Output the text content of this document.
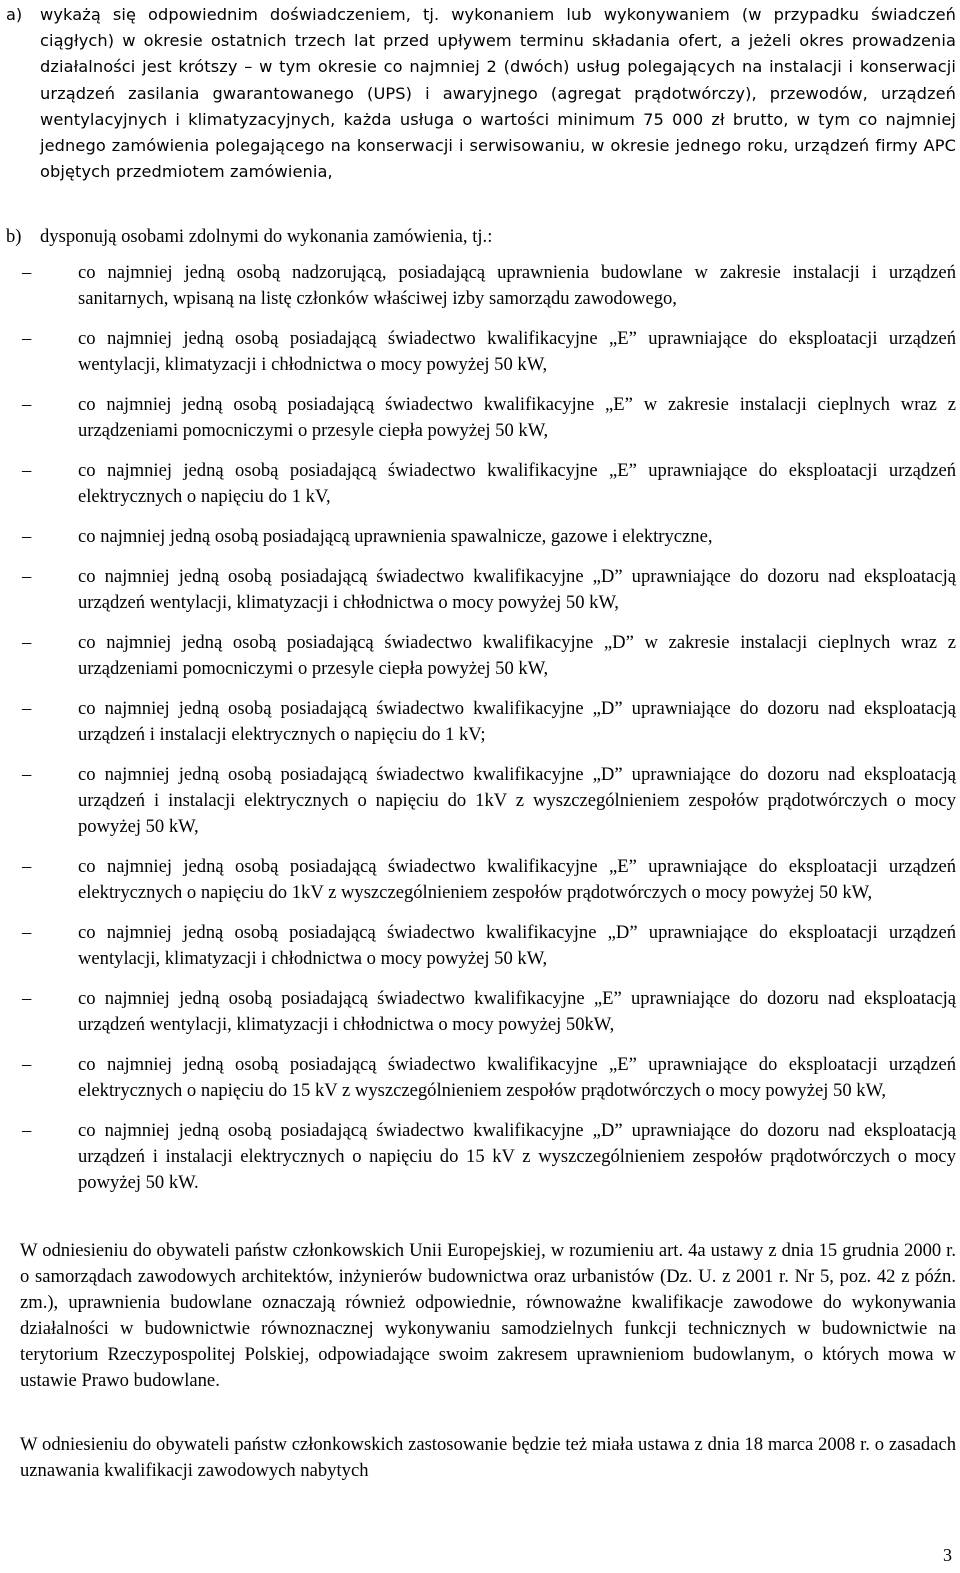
a) wykażą się odpowiednim doświadczeniem, tj. wykonaniem lub wykonywaniem (w przypadku świadczeń ciągłych) w okresie ostatnich trzech lat przed upływem terminu składania ofert, a jeżeli okres prowadzenia działalności jest krótszy – w tym okresie co najmniej 2 (dwóch) usług polegających na instalacji i konserwacji urządzeń zasilania gwarantowanego (UPS) i awaryjnego (agregat prądotwórczy), przewodów, urządzeń wentylacyjnych i klimatyzacyjnych, każda usługa o wartości minimum 75 000 zł brutto, w tym co najmniej jednego zamówienia polegającego na konserwacji i serwisowaniu, w okresie jednego roku, urządzeń firmy APC objętych przedmiotem zamówienia,
b) dysponują osobami zdolnymi do wykonania zamówienia, tj.:
–	co najmniej jedną osobą nadzorującą, posiadającą uprawnienia budowlane w zakresie instalacji i urządzeń sanitarnych, wpisaną na listę członków właściwej izby samorządu zawodowego,
–	co najmniej jedną osobą posiadającą świadectwo kwalifikacyjne „E” uprawniające do eksploatacji urządzeń wentylacji, klimatyzacji i chłodnictwa o mocy powyżej 50 kW,
–	co najmniej jedną osobą posiadającą świadectwo kwalifikacyjne „E” w zakresie instalacji cieplnych wraz z urządzeniami pomocniczymi o przesyle ciepła powyżej 50 kW,
–	co najmniej jedną osobą posiadającą świadectwo kwalifikacyjne „E” uprawniające do eksploatacji urządzeń elektrycznych o napięciu do 1 kV,
–	co najmniej jedną osobą posiadającą uprawnienia spawalnicze, gazowe i elektryczne,
–	co najmniej jedną osobą posiadającą świadectwo kwalifikacyjne „D” uprawniające do dozoru nad eksploatacją urządzeń wentylacji, klimatyzacji i chłodnictwa o mocy powyżej 50 kW,
–	co najmniej jedną osobą posiadającą świadectwo kwalifikacyjne „D” w zakresie instalacji cieplnych wraz z urządzeniami pomocniczymi o przesyle ciepła powyżej 50 kW,
–	co najmniej jedną osobą posiadającą świadectwo kwalifikacyjne „D” uprawniające do dozoru nad eksploatacją urządzeń i instalacji elektrycznych o napięciu do 1 kV;
–	co najmniej jedną osobą posiadającą świadectwo kwalifikacyjne „D” uprawniające do dozoru nad eksploatacją urządzeń i instalacji elektrycznych o napięciu do 1kV z wyszczególnieniem zespołów prądotwórczych o mocy powyżej 50 kW,
–	co najmniej jedną osobą posiadającą świadectwo kwalifikacyjne „E” uprawniające do eksploatacji urządzeń elektrycznych o napięciu do 1kV z wyszczególnieniem zespołów prądotwórczych o mocy powyżej 50 kW,
–	co najmniej jedną osobą posiadającą świadectwo kwalifikacyjne „D” uprawniające do eksploatacji urządzeń wentylacji, klimatyzacji i chłodnictwa o mocy powyżej 50 kW,
–	co najmniej jedną osobą posiadającą świadectwo kwalifikacyjne „E” uprawniające do dozoru nad eksploatacją urządzeń wentylacji, klimatyzacji i chłodnictwa o mocy powyżej 50kW,
–	co najmniej jedną osobą posiadającą świadectwo kwalifikacyjne „E” uprawniające do eksploatacji urządzeń elektrycznych o napięciu do 15 kV z wyszczególnieniem zespołów prądotwórczych o mocy powyżej 50 kW,
–	co najmniej jedną osobą posiadającą świadectwo kwalifikacyjne „D” uprawniające do dozoru nad eksploatacją urządzeń i instalacji elektrycznych o napięciu do 15 kV z wyszczególnieniem zespołów prądotwórczych o mocy powyżej 50 kW.
W odniesieniu do obywateli państw członkowskich Unii Europejskiej, w rozumieniu art. 4a ustawy z dnia 15 grudnia 2000 r. o samorządach zawodowych architektów, inżynierów budownictwa oraz urbanistów (Dz. U. z 2001 r. Nr 5, poz. 42 z późn. zm.), uprawnienia budowlane oznaczają również odpowiednie, równoważne kwalifikacje zawodowe do wykonywania działalności w budownictwie równoznacznej wykonywaniu samodzielnych funkcji technicznych w budownictwie na terytorium Rzeczypospolitej Polskiej, odpowiadające swoim zakresem uprawnieniom budowlanym, o których mowa w ustawie Prawo budowlane.
W odniesieniu do obywateli państw członkowskich zastosowanie będzie też miała ustawa z dnia 18 marca 2008 r. o zasadach uznawania kwalifikacji zawodowych nabytych
3
